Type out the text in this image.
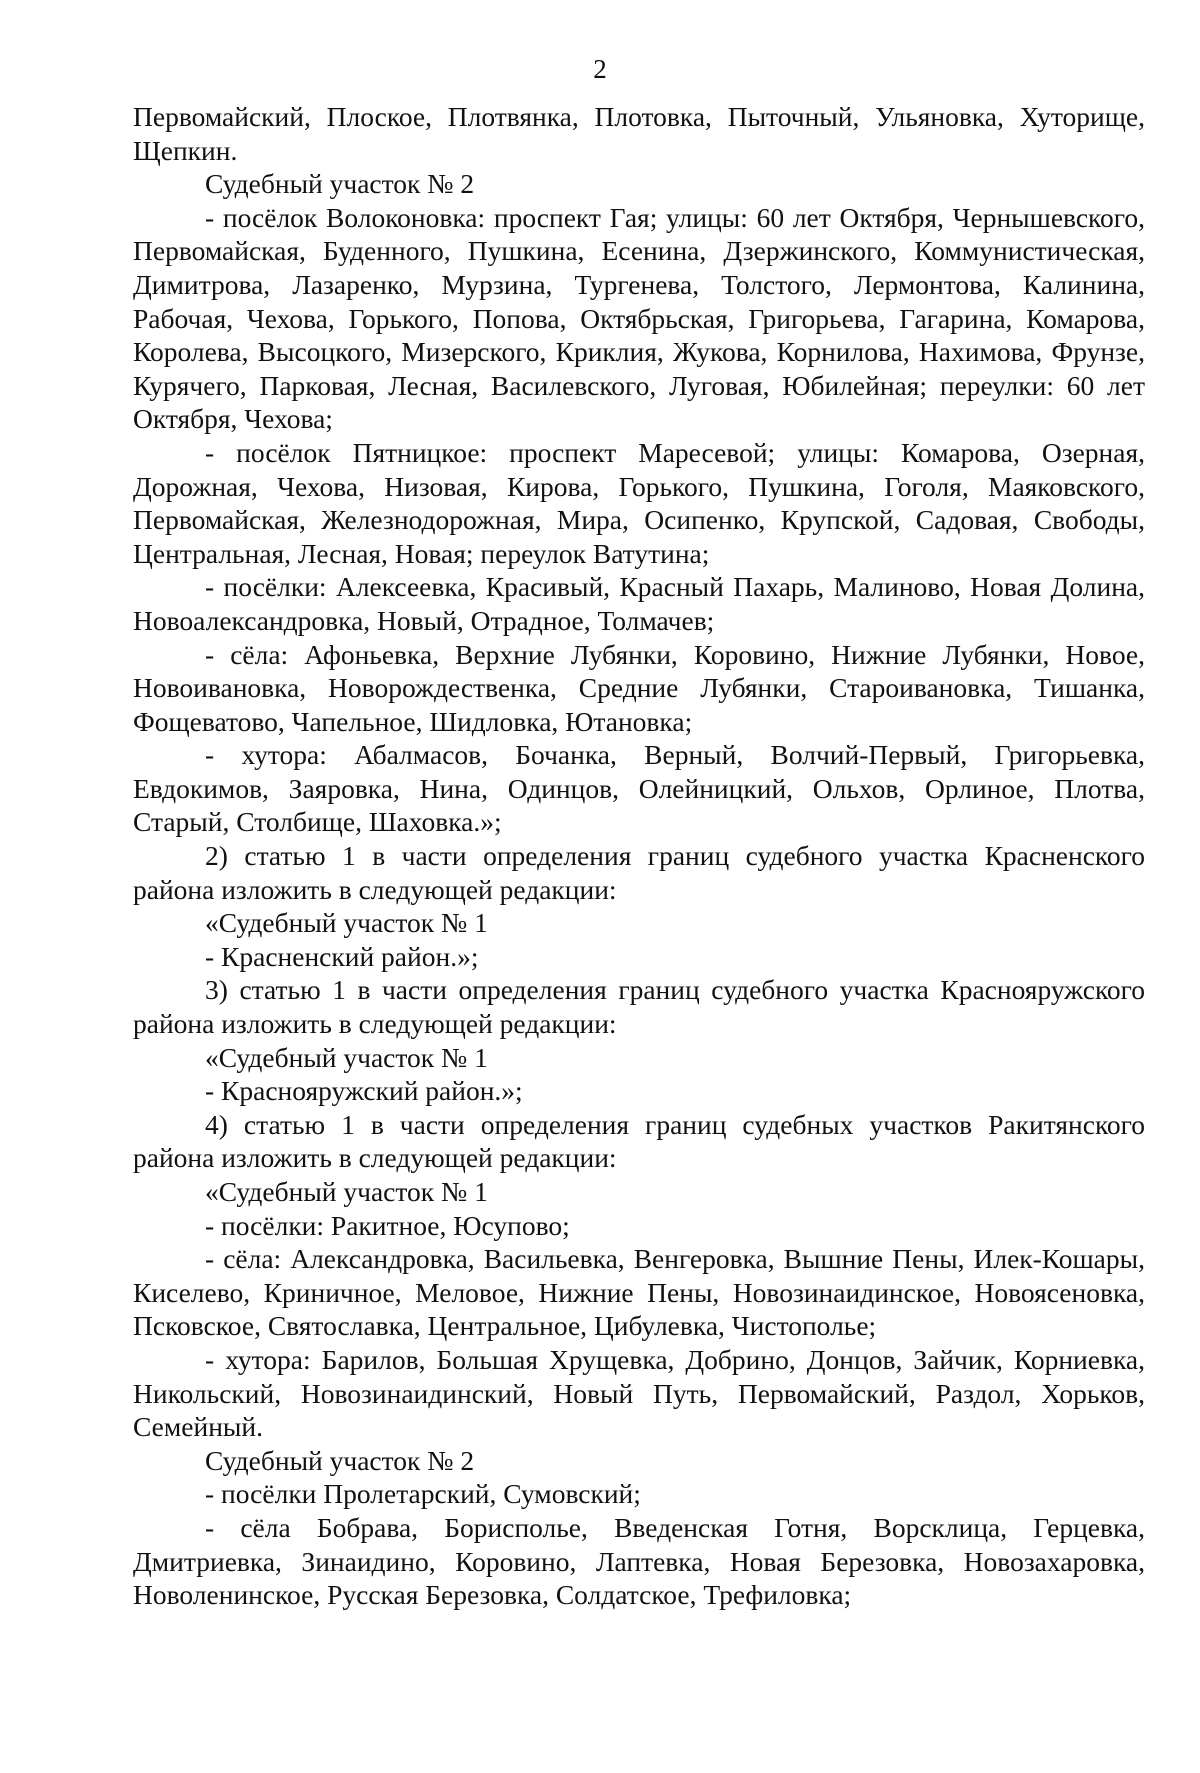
2

Первомайский, Плоское, Плотвянка, Плотовка, Пыточный, Ульяновка, Хуторище, Щепкин.

Судебный участок № 2

- посёлок Волоконовка: проспект Гая; улицы: 60 лет Октября, Чернышевского, Первомайская, Буденного, Пушкина, Есенина, Дзержинского, Коммунистическая, Димитрова, Лазаренко, Мурзина, Тургенева, Толстого, Лермонтова, Калинина, Рабочая, Чехова, Горького, Попова, Октябрьская, Григорьева, Гагарина, Комарова, Королева, Высоцкого, Мизерского, Криклия, Жукова, Корнилова, Нахимова, Фрунзе, Курячего, Парковая, Лесная, Василевского, Луговая, Юбилейная; переулки: 60 лет Октября, Чехова;

- посёлок Пятницкое: проспект Маресевой; улицы: Комарова, Озерная, Дорожная, Чехова, Низовая, Кирова, Горького, Пушкина, Гоголя, Маяковского, Первомайская, Железнодорожная, Мира, Осипенко, Крупской, Садовая, Свободы, Центральная, Лесная, Новая; переулок Ватутина;

- посёлки: Алексеевка, Красивый, Красный Пахарь, Малиново, Новая Долина, Новоалександровка, Новый, Отрадное, Толмачев;

- сёла: Афоньевка, Верхние Лубянки, Коровино, Нижние Лубянки, Новое, Новоивановка, Новорождественка, Средние Лубянки, Староивановка, Тишанка, Фощеватово, Чапельное, Шидловка, Ютановка;

- хутора: Абалмасов, Бочанка, Верный, Волчий-Первый, Григорьевка, Евдокимов, Заяровка, Нина, Одинцов, Олейницкий, Ольхов, Орлиное, Плотва, Старый, Столбище, Шаховка.»;

2) статью 1 в части определения границ судебного участка Красненского района изложить в следующей редакции:

«Судебный участок № 1

- Красненский район.»;

3) статью 1 в части определения границ судебного участка Краснояружского района изложить в следующей редакции:

«Судебный участок № 1

- Краснояружский район.»;

4) статью 1 в части определения границ судебных участков Ракитянского района изложить в следующей редакции:

«Судебный участок № 1

- посёлки: Ракитное, Юсупово;

- сёла: Александровка, Васильевка, Венгеровка, Вышние Пены, Илек-Кошары, Киселево, Криничное, Меловое, Нижние Пены, Новозинаидинское, Новоясеновка, Псковское, Святославка, Центральное, Цибулевка, Чистополье;

- хутора: Барилов, Большая Хрущевка, Добрино, Донцов, Зайчик, Корниевка, Никольский, Новозинаидинский, Новый Путь, Первомайский, Раздол, Хорьков, Семейный.

Судебный участок № 2

- посёлки Пролетарский, Сумовский;

- сёла Бобрава, Бориcполье, Введенская Готня, Ворсклица, Герцевка, Дмитриевка, Зинаидино, Коровино, Лаптевка, Новая Березовка, Новозахаровка, Новоленинское, Русская Березовка, Солдатское, Трефиловка;
